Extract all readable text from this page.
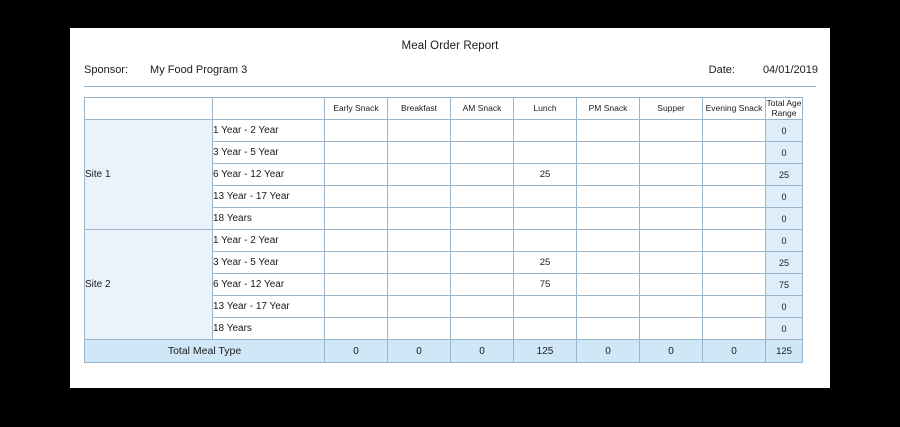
Meal Order Report
Sponsor: My Food Program 3	Date:	04/01/2019
		Early Snack	Breakfast	AM Snack	Lunch	PM Snack	Supper	Evening Snack	Total Age
Range
Site 1	1 Year - 2 Year								0
	3 Year - 5 Year								0
	6 Year - 12 Year				25				25
	13 Year - 17 Year								0
	18 Years								0
Site 2	1 Year - 2 Year								0
	3 Year - 5 Year				25				25
	6 Year - 12 Year				75				75
	13 Year - 17 Year								0
	18 Years								0
Total Meal Type		0	0	0	125	0	0	0	125
